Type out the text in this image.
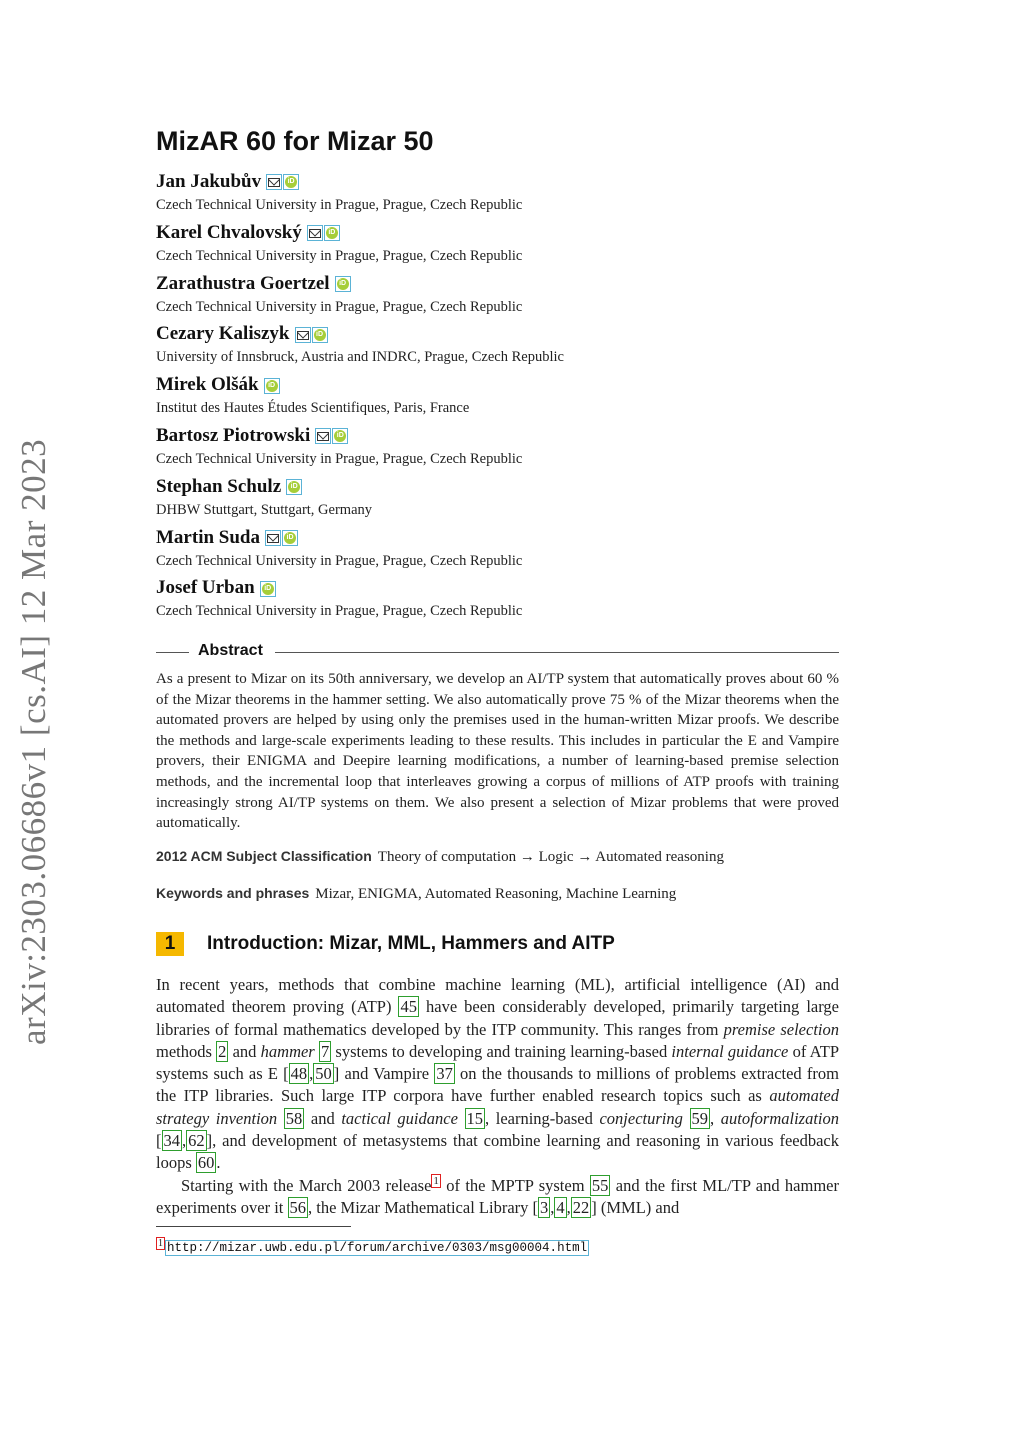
arXiv:2303.06686v1 [cs.AI] 12 Mar 2023
MizAR 60 for Mizar 50
Jan Jakubův	iD
Czech Technical University in Prague, Prague, Czech Republic
Karel Chvalovský	iD
Czech Technical University in Prague, Prague, Czech Republic
Zarathustra Goertzel	iD
Czech Technical University in Prague, Prague, Czech Republic
Cezary Kaliszyk	iD
University of Innsbruck, Austria and INDRC, Prague, Czech Republic
Mirek Olšák	iD
Institut des Hautes Études Scientifiques, Paris, France
Bartosz Piotrowski	iD
Czech Technical University in Prague, Prague, Czech Republic
Stephan Schulz	iD
DHBW Stuttgart, Stuttgart, Germany
Martin Suda	iD
Czech Technical University in Prague, Prague, Czech Republic
Josef Urban	iD
Czech Technical University in Prague, Prague, Czech Republic
Abstract
As a present to Mizar on its 50th anniversary, we develop an AI/TP system that automatically proves about 60 % of the Mizar theorems in the hammer setting. We also automatically prove 75 % of the Mizar theorems when the automated provers are helped by using only the premises used in the human-written Mizar proofs. We describe the methods and large-scale experiments leading to these results. This includes in particular the E and Vampire provers, their ENIGMA and Deepire learning modifications, a number of learning-based premise selection methods, and the incremental loop that interleaves growing a corpus of millions of ATP proofs with training increasingly strong AI/TP systems on them. We also present a selection of Mizar problems that were proved automatically.
2012 ACM Subject Classification Theory of computation → Logic → Automated reasoning
Keywords and phrases Mizar, ENIGMA, Automated Reasoning, Machine Learning
1	Introduction: Mizar, MML, Hammers and AITP

In recent years, methods that combine machine learning (ML), artificial intelligence (AI) and automated theorem proving (ATP) 45 have been considerably developed, primarily targeting large libraries of formal mathematics developed by the ITP community. This ranges from premise selection methods 2 and hammer 7 systems to developing and training learning-based internal guidance of ATP systems such as E [ 48 , 50 ] and Vampire 37 on the thousands to millions of problems extracted from the ITP libraries. Such large ITP corpora have further enabled research topics such as automated strategy invention 58 and tactical guidance 15 , learning-based conjecturing 59 , autoformalization [ 34 , 62 ], and development of metasystems that combine learning and reasoning in various feedback loops 60 .

Starting with the March 2003 release $^1$ of the MPTP system 55 and the first ML/TP and hammer experiments over it 56 , the Mizar Mathematical Library [ 3 , 4 , 22 ] (MML) and

$^1$ http://mizar.uwb.edu.pl/forum/archive/0303/msg00004.html
